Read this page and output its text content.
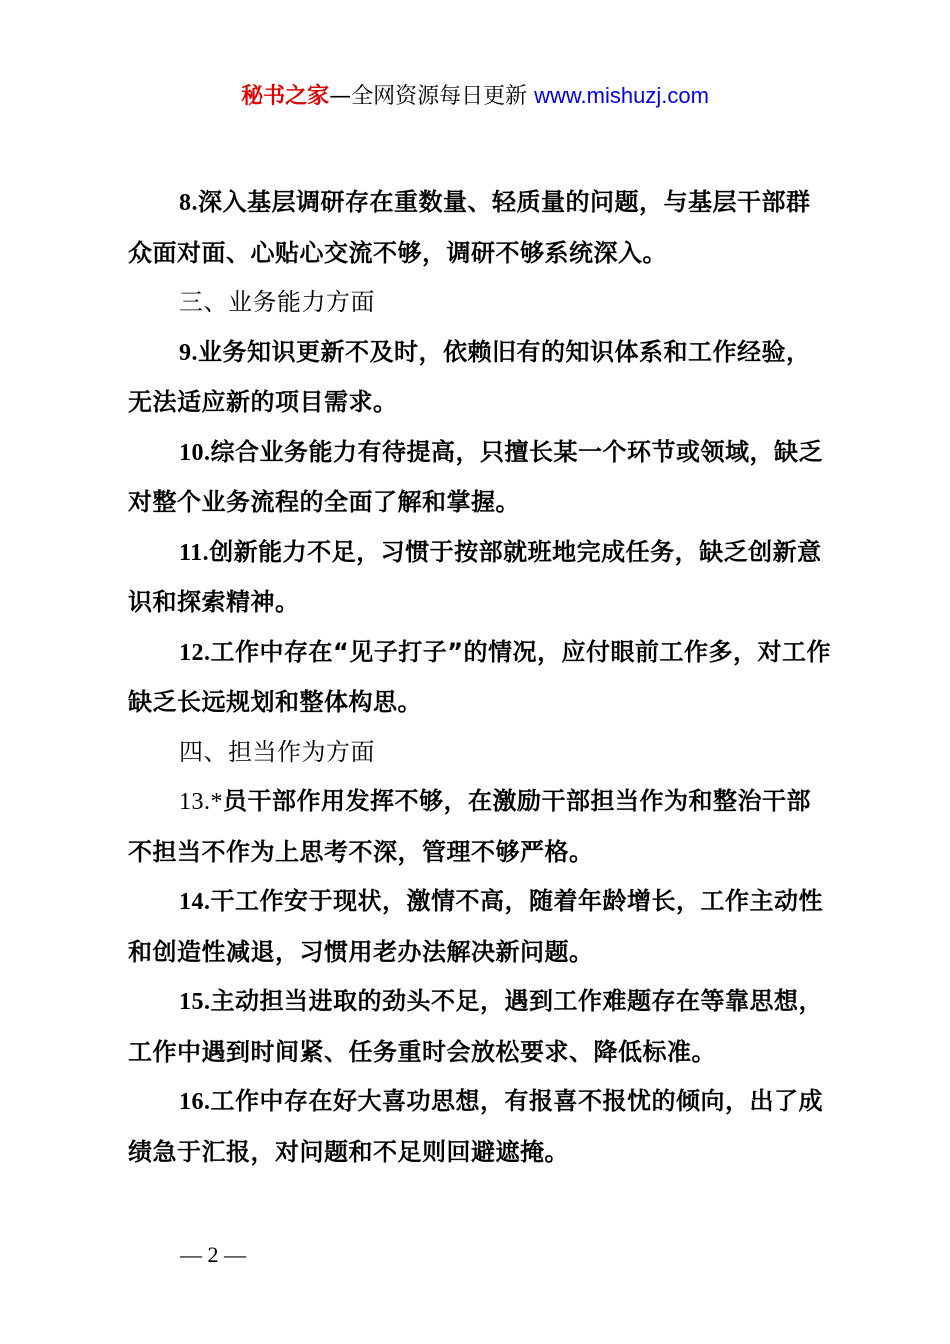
秘书之家—全网资源每日更新 www.mishuzj.com

8.深入基层调研存在重数量、轻质量的问题，与基层干部群众面对面、心贴心交流不够，调研不够系统深入。

三、业务能力方面

9.业务知识更新不及时，依赖旧有的知识体系和工作经验，无法适应新的项目需求。

10.综合业务能力有待提高，只擅长某一个环节或领域，缺乏对整个业务流程的全面了解和掌握。

11.创新能力不足，习惯于按部就班地完成任务，缺乏创新意识和探索精神。

12.工作中存在“见子打子”的情况，应付眼前工作多，对工作缺乏长远规划和整体构思。

四、担当作为方面

13.*员干部作用发挥不够，在激励干部担当作为和整治干部不担当不作为上思考不深，管理不够严格。

14.干工作安于现状，激情不高，随着年龄增长，工作主动性和创造性减退，习惯用老办法解决新问题。

15.主动担当进取的劲头不足，遇到工作难题存在等靠思想，工作中遇到时间紧、任务重时会放松要求、降低标准。

16.工作中存在好大喜功思想，有报喜不报忧的倾向，出了成绩急于汇报，对问题和不足则回避遮掩。

— 2 —
